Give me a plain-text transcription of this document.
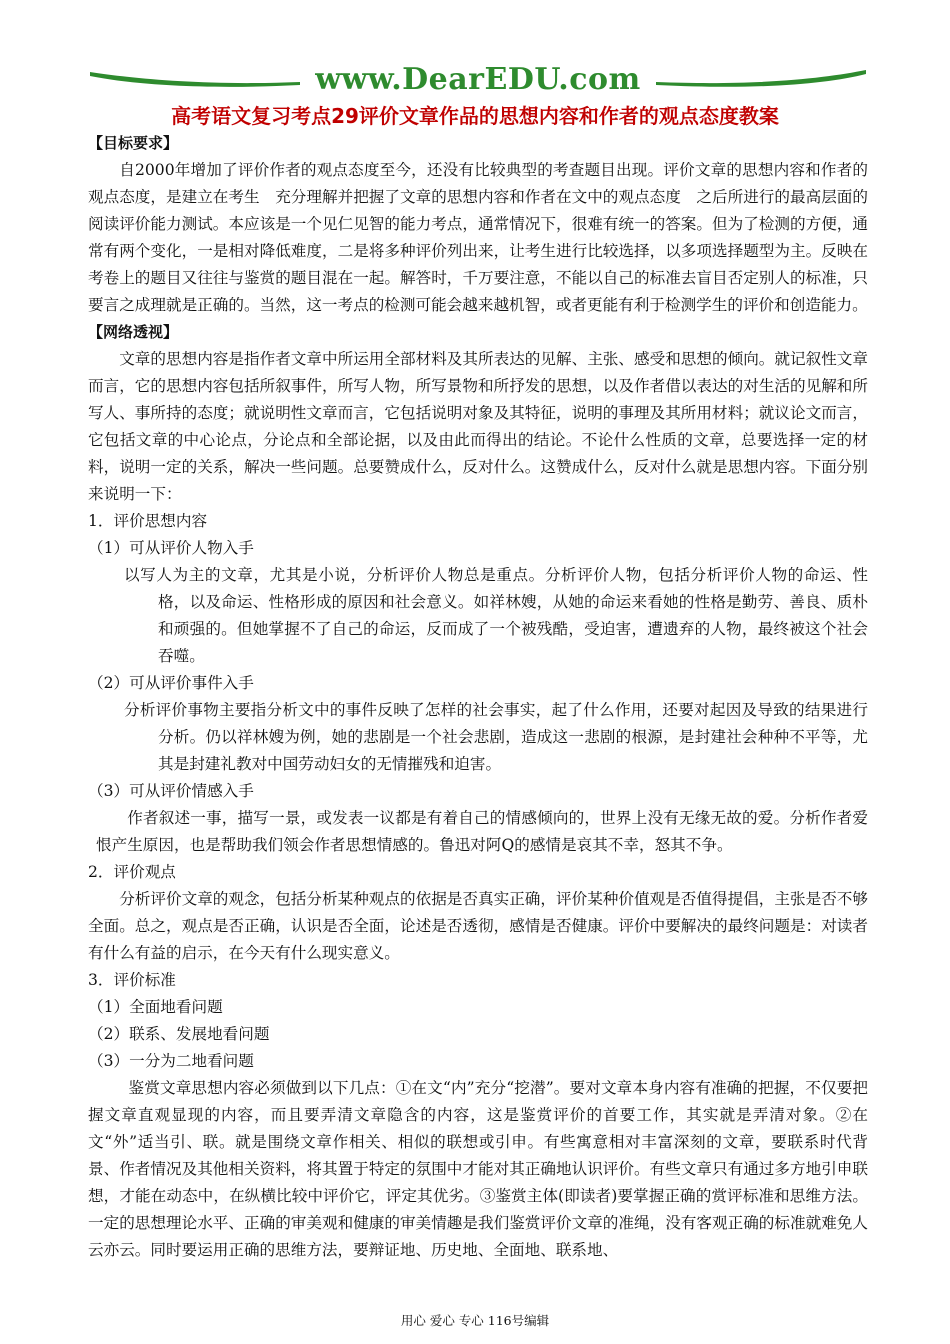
www.DearEDU.com
高考语文复习考点29评价文章作品的思想内容和作者的观点态度教案

【目标要求】

自2000年增加了评价作者的观点态度至今，还没有比较典型的考查题目出现。评价文章的思想内容和作者的观点态度，是建立在考生　充分理解并把握了文章的思想内容和作者在文中的观点态度　之后所进行的最高层面的阅读评价能力测试。本应该是一个见仁见智的能力考点，通常情况下，很难有统一的答案。但为了检测的方便，通常有两个变化，一是相对降低难度，二是将多种评价列出来，让考生进行比较选择，以多项选择题型为主。反映在考卷上的题目又往往与鉴赏的题目混在一起。解答时，千万要注意，不能以自己的标准去盲目否定别人的标准，只要言之成理就是正确的。当然，这一考点的检测可能会越来越机智，或者更能有利于检测学生的评价和创造能力。

【网络透视】

文章的思想内容是指作者文章中所运用全部材料及其所表达的见解、主张、感受和思想的倾向。就记叙性文章而言，它的思想内容包括所叙事件，所写人物，所写景物和所抒发的思想，以及作者借以表达的对生活的见解和所写人、事所持的态度；就说明性文章而言，它包括说明对象及其特征，说明的事理及其所用材料；就议论文而言，它包括文章的中心论点，分论点和全部论据，以及由此而得出的结论。不论什么性质的文章，总要选择一定的材料，说明一定的关系，解决一些问题。总要赞成什么，反对什么。这赞成什么，反对什么就是思想内容。下面分别来说明一下：

1．评价思想内容

（1）可从评价人物入手

以写人为主的文章，尤其是小说，分析评价人物总是重点。分析评价人物，包括分析评价人物的命运、性格，以及命运、性格形成的原因和社会意义。如祥林嫂，从她的命运来看她的性格是勤劳、善良、质朴和顽强的。但她掌握不了自己的命运，反而成了一个被残酷，受迫害，遭遗弃的人物，最终被这个社会吞噬。

（2）可从评价事件入手

分析评价事物主要指分析文中的事件反映了怎样的社会事实，起了什么作用，还要对起因及导致的结果进行分析。仍以祥林嫂为例，她的悲剧是一个社会悲剧，造成这一悲剧的根源，是封建社会种种不平等，尤其是封建礼教对中国劳动妇女的无情摧残和迫害。

（3）可从评价情感入手

作者叙述一事，描写一景，或发表一议都是有着自己的情感倾向的，世界上没有无缘无故的爱。分析作者爱恨产生原因，也是帮助我们领会作者思想情感的。鲁迅对阿Q的感情是哀其不幸，怒其不争。

2．评价观点

分析评价文章的观念，包括分析某种观点的依据是否真实正确，评价某种价值观是否值得提倡，主张是否不够全面。总之，观点是否正确，认识是否全面，论述是否透彻，感情是否健康。评价中要解决的最终问题是：对读者有什么有益的启示，在今天有什么现实意义。

3．评价标准

（1）全面地看问题

（2）联系、发展地看问题

（3）一分为二地看问题

鉴赏文章思想内容必须做到以下几点：①在文“内”充分“挖潜”。要对文章本身内容有准确的把握，不仅要把握文章直观显现的内容，而且要弄清文章隐含的内容，这是鉴赏评价的首要工作，其实就是弄清对象。②在文“外”适当引、联。就是围绕文章作相关、相似的联想或引申。有些寓意相对丰富深刻的文章，要联系时代背景、作者情况及其他相关资料，将其置于特定的氛围中才能对其正确地认识评价。有些文章只有通过多方地引申联想，才能在动态中，在纵横比较中评价它，评定其优劣。③鉴赏主体(即读者)要掌握正确的赏评标准和思维方法。一定的思想理论水平、正确的审美观和健康的审美情趣是我们鉴赏评价文章的准绳，没有客观正确的标准就难免人云亦云。同时要运用正确的思维方法，要辩证地、历史地、全面地、联系地、

用心 爱心 专心 116号编辑
